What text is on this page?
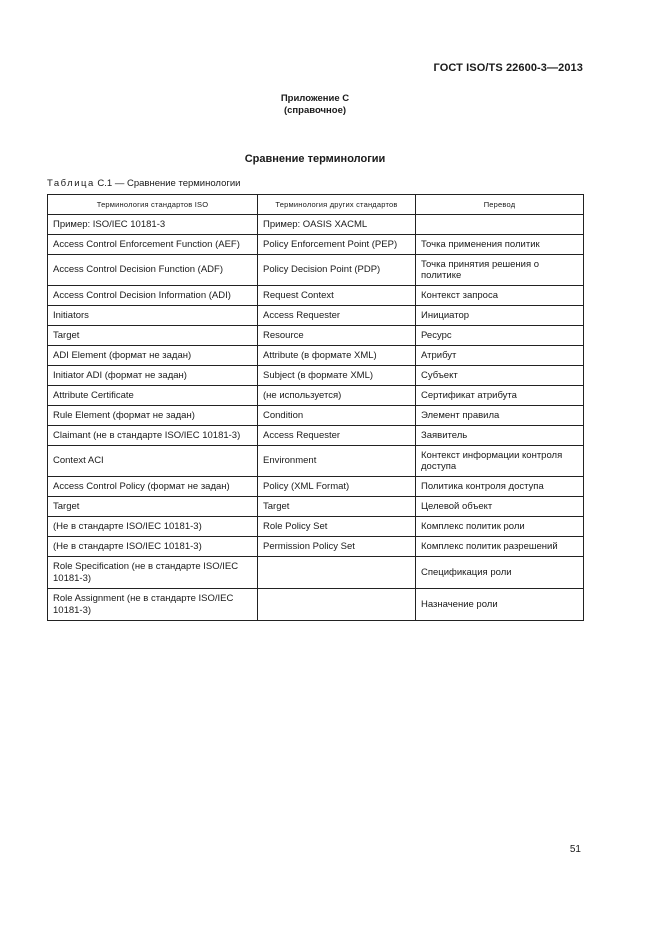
ГОСТ ISO/TS 22600-3—2013
Приложение С
(справочное)
Сравнение терминологии
Таблица С.1 — Сравнение терминологии
Терминология стандартов ISO	Терминология других стандартов	Перевод
Пример: ISO/IEC 10181-3	Пример: OASIS XACML	
Access Control Enforcement Function (AEF)	Policy Enforcement Point (PEP)	Точка применения политик
Access Control Decision Function (ADF)	Policy Decision Point (PDP)	Точка принятия решения о политике
Access Control Decision Information (ADI)	Request Context	Контекст запроса
Initiators	Access Requester	Инициатор
Target	Resource	Ресурс
ADI Element (формат не задан)	Attribute (в формате XML)	Атрибут
Initiator ADI (формат не задан)	Subject (в формате XML)	Субъект
Attribute Certificate	(не используется)	Сертификат атрибута
Rule Element (формат не задан)	Condition	Элемент правила
Claimant (не в стандарте ISO/IEC 10181-3)	Access Requester	Заявитель
Context ACI	Environment	Контекст информации контроля доступа
Access Control Policy (формат не задан)	Policy (XML Format)	Политика контроля доступа
Target	Target	Целевой объект
(Не в стандарте ISO/IEC 10181-3)	Role Policy Set	Комплекс политик роли
(Не в стандарте ISO/IEC 10181-3)	Permission Policy Set	Комплекс политик разрешений
Role Specification (не в стандарте ISO/IEC 10181-3)		Спецификация роли
Role Assignment (не в стандарте ISO/IEC 10181-3)		Назначение роли
51
